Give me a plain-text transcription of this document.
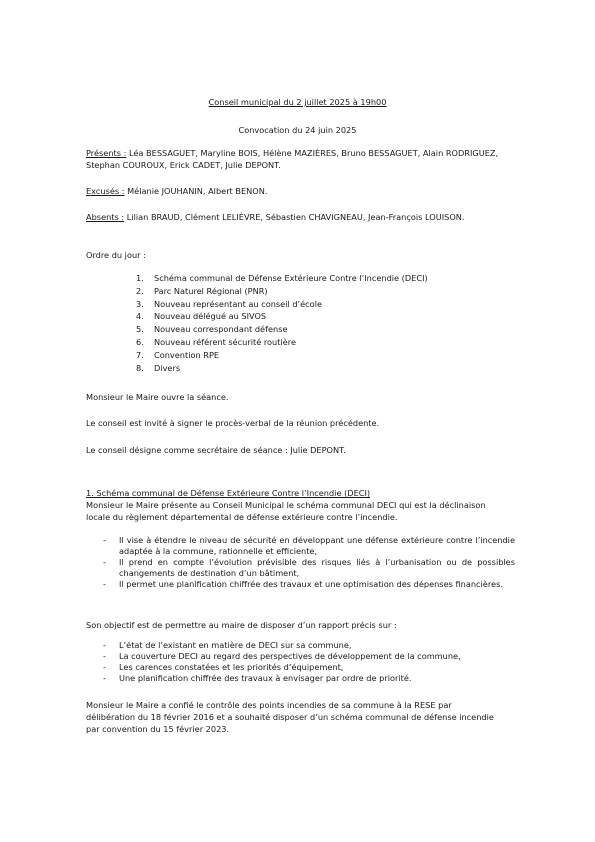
Conseil municipal du 2 juillet 2025 à 19h00
Convocation du 24 juin 2025
Présents : Léa BESSAGUET, Maryline BOIS, Hélène MAZIÈRES, Bruno BESSAGUET, Alain RODRIGUEZ,
Stephan COUROUX, Erick CADET, Julie DEPONT.
Excusés : Mélanie JOUHANIN, Albert BENON.
Absents : Lilian BRAUD, Clément LELIÈVRE, Sébastien CHAVIGNEAU, Jean-François LOUISON.
Ordre du jour :
1. Schéma communal de Défense Extérieure Contre l’Incendie (DECI)
2. Parc Naturel Régional (PNR)
3. Nouveau représentant au conseil d’école
4. Nouveau délégué au SIVOS
5. Nouveau correspondant défense
6. Nouveau référent sécurité routière
7. Convention RPE
8. Divers
Monsieur le Maire ouvre la séance.
Le conseil est invité à signer le procès-verbal de la réunion précédente.
Le conseil désigne comme secrétaire de séance : Julie DEPONT.
1. Schéma communal de Défense Extérieure Contre l’Incendie (DECI)
Monsieur le Maire présente au Conseil Municipal le schéma communal DECI qui est la déclinaison
locale du règlement départemental de défense extérieure contre l’incendie.
- Il vise à étendre le niveau de sécurité en développant une défense extérieure contre l’incendie adaptée à la commune, rationnelle et efficiente,
- Il prend en compte l’évolution prévisible des risques liés à l’urbanisation ou de possibles changements de destination d’un bâtiment,
- Il permet une planification chiffrée des travaux et une optimisation des dépenses financières.
Son objectif est de permettre au maire de disposer d’un rapport précis sur :
- L’état de l’existant en matière de DECI sur sa commune,
- La couverture DECI au regard des perspectives de développement de la commune,
- Les carences constatées et les priorités d’équipement,
- Une planification chiffrée des travaux à envisager par ordre de priorité.
Monsieur le Maire a confié le contrôle des points incendies de sa commune à la RESE par
délibération du 18 février 2016 et a souhaité disposer d’un schéma communal de défense incendie
par convention du 15 février 2023.
